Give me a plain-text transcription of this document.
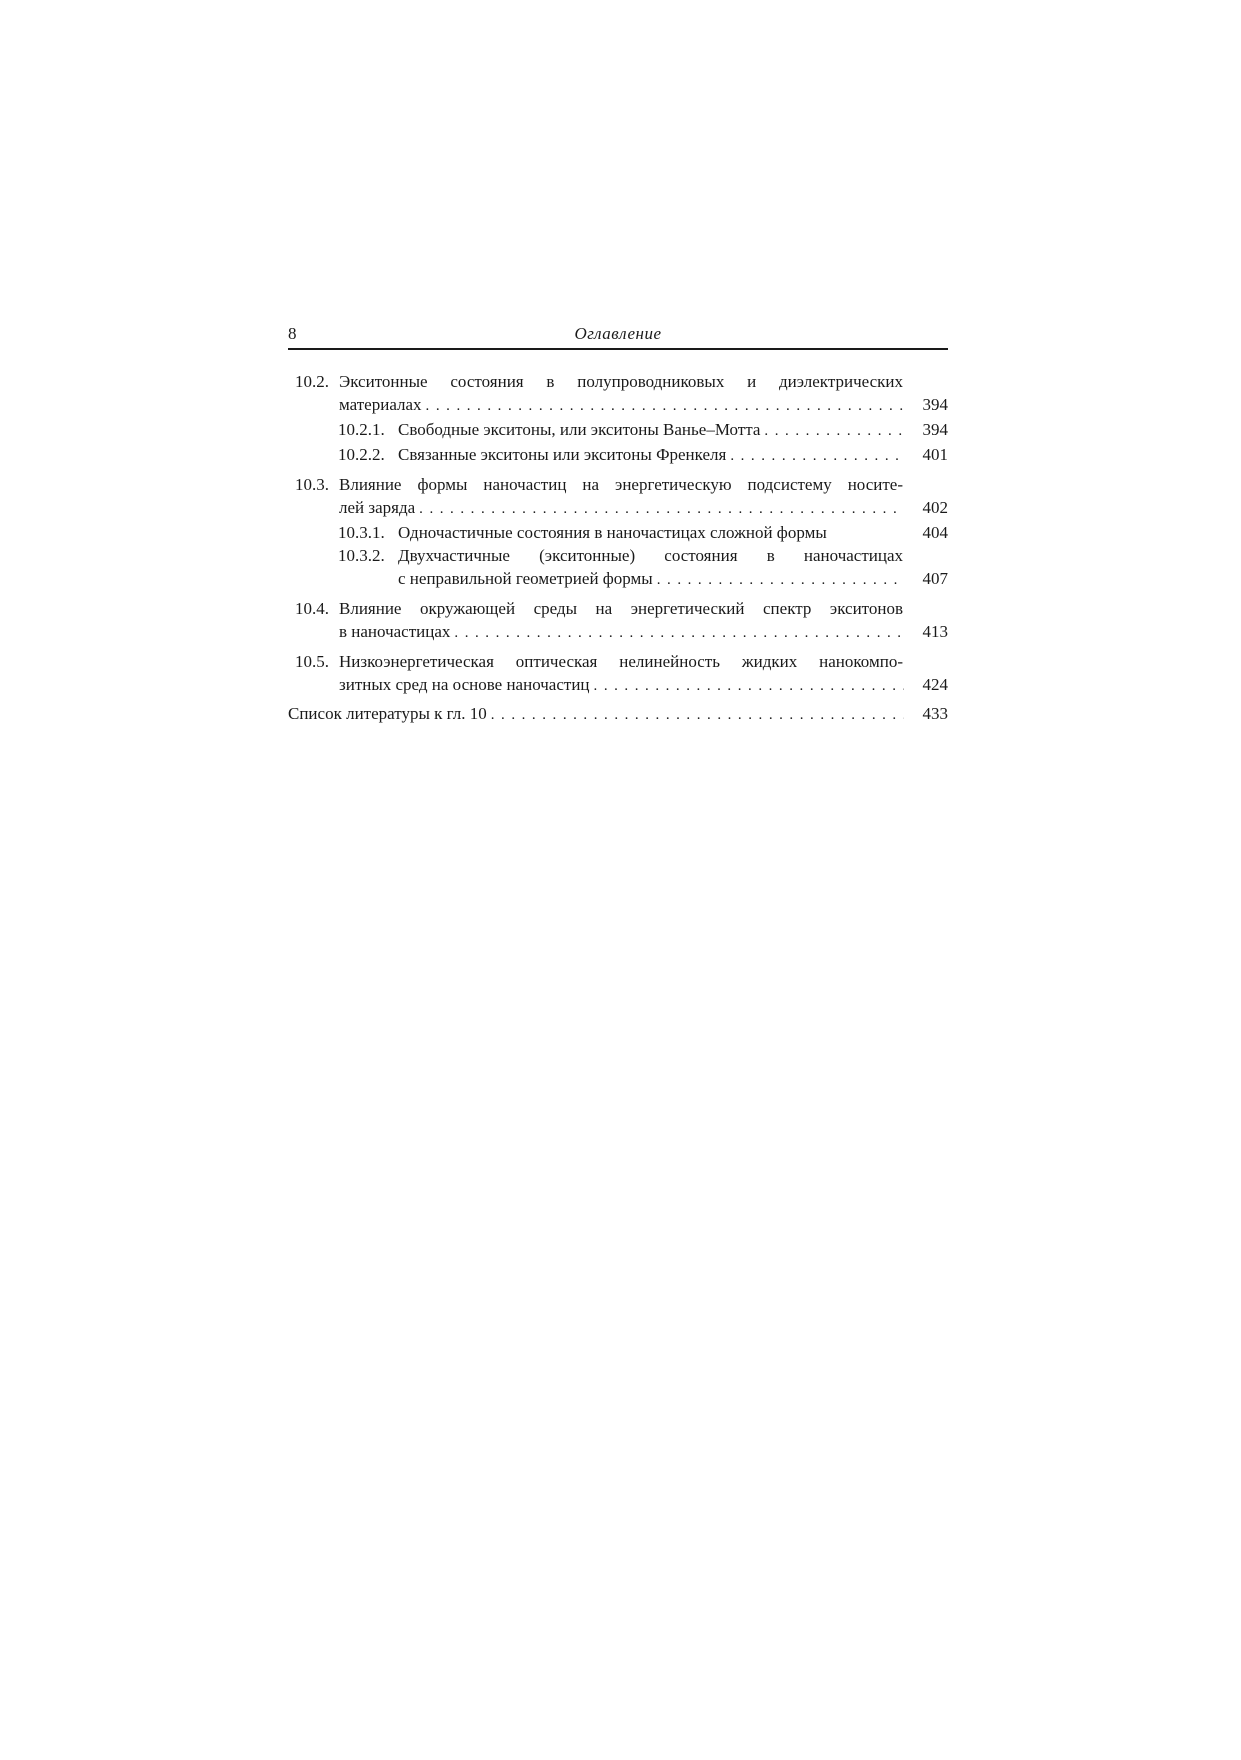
8	Оглавление
10.2. Экситонные состояния в полупроводниковых и диэлектрических
материалах . . .	394
10.2.1. Свободные экситоны, или экситоны Ванье–Мотта . . .	394
10.2.2. Связанные экситоны или экситоны Френкеля . . .	401
10.3. Влияние формы наночастиц на энергетическую подсистему носите-
лей заряда . . .	402
10.3.1. Одночастичные состояния в наночастицах сложной формы	404
10.3.2. Двухчастичные (экситонные) состояния в наночастицах
с неправильной геометрией формы . . .	407
10.4. Влияние окружающей среды на энергетический спектр экситонов
в наночастицах . . .	413
10.5. Низкоэнергетическая оптическая нелинейность жидких нанокомпо-
зитных сред на основе наночастиц . . .	424
Список литературы к гл. 10 . . .	433
